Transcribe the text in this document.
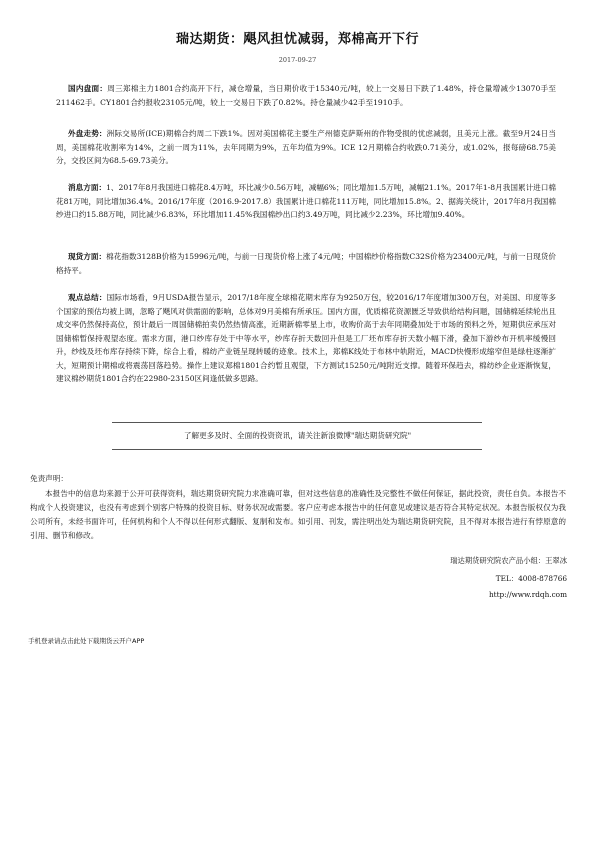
瑞达期货：飓风担忧减弱，郑棉高开下行
2017-09-27
国内盘面：周三郑棉主力1801合约高开下行，减仓增量，当日期价收于15340元/吨，较上一交易日下跌了1.48%，持仓量增减少13070手至211462手。CY1801合约报收23105元/吨，较上一交易日下跌了0.82%。持仓量减少42手至1910手。
外盘走势：洲际交易所(ICE)期棉合约周二下跌1%。因对美国棉花主要生产州德克萨斯州的作物受损的忧虑减弱，且美元上涨。截至9月24日当周，美国棉花收割率为14%，之前一周为11%，去年同期为9%，五年均值为9%。ICE 12月期棉合约收跌0.71美分，或1.02%，报每磅68.75美分，交投区间为68.5-69.73美分。
消息方面：1、2017年8月我国进口棉花8.4万吨，环比减少0.56万吨，减幅6%；同比增加1.5万吨，减幅21.1%。2017年1-8月我国累计进口棉花81万吨，同比增加36.4%。2016/17年度（2016.9-2017.8）我国累计进口棉花111万吨，同比增加15.8%。2、据海关统计，2017年8月我国棉纱进口约15.88万吨，同比减少6.83%，环比增加11.45%我国棉纱出口约3.49万吨，同比减少2.23%，环比增加9.40%。
现货方面：棉花指数3128B价格为15996元/吨，与前一日现货价格上涨了4元/吨；中国棉纱价格指数C32S价格为23400元/吨，与前一日现货价格持平。
观点总结：国际市场看，9月USDA报告显示，2017/18年度全球棉花期末库存为9250万包，较2016/17年度增加300万包，对美国、印度等多个国家的预估均被上调，忽略了飓风对供需面的影响，总体对9月美棉有所承压。国内方面，优质棉花资源匮乏导致供给结构问题，国储棉延续轮出且成交率仍然保持高位，预计最后一周国储棉拍卖仍然热情高涨，近期新棉零星上市，收购价高于去年同期叠加处于市场的预料之外，短期供应承压对国储棉暂保持观望态度。需求方面，港口纱库存处于中等水平，纱库存折天数回升但是工厂坯布库存折天数小幅下滑，叠加下游纱布开机率缓慢回升，纱线及坯布库存持续下降，综合上看，棉纺产业链呈现转暖的迹象。技术上，郑棉K线处于布林中轨附近，MACD快慢形成缩窄但是绿柱逐渐扩大，短期预计期棉或将震荡回落趋势。操作上建议郑棉1801合约暂且观望，下方测试15250元/吨附近支撑。随着环保趋去，棉纺纱企业逐渐恢复，建议棉纱期货1801合约在22980-23150区间逢低做多思路。
了解更多及时、全面的投资资讯，请关注新浪微博"瑞达期货研究院"
免责声明：
本报告中的信息均来源于公开可获得资料，瑞达期货研究院力求准确可靠，但对这些信息的准确性及完整性不做任何保证，据此投资，责任自负。本报告不构成个人投资建议，也没有考虑到个别客户特殊的投资目标、财务状况或需要。客户应考虑本报告中的任何意见或建议是否符合其特定状况。本报告版权仅为我公司所有，未经书面许可，任何机构和个人不得以任何形式翻版、复制和发布。如引用、刊发，需注明出处为瑞达期货研究院，且不得对本报告进行有悖原意的引用、删节和修改。
瑞达期货研究院农产品小组：王翠冰
TEL：4008-878766
http://www.rdqh.com
手机登录请点击此处下载期货云开户APP
